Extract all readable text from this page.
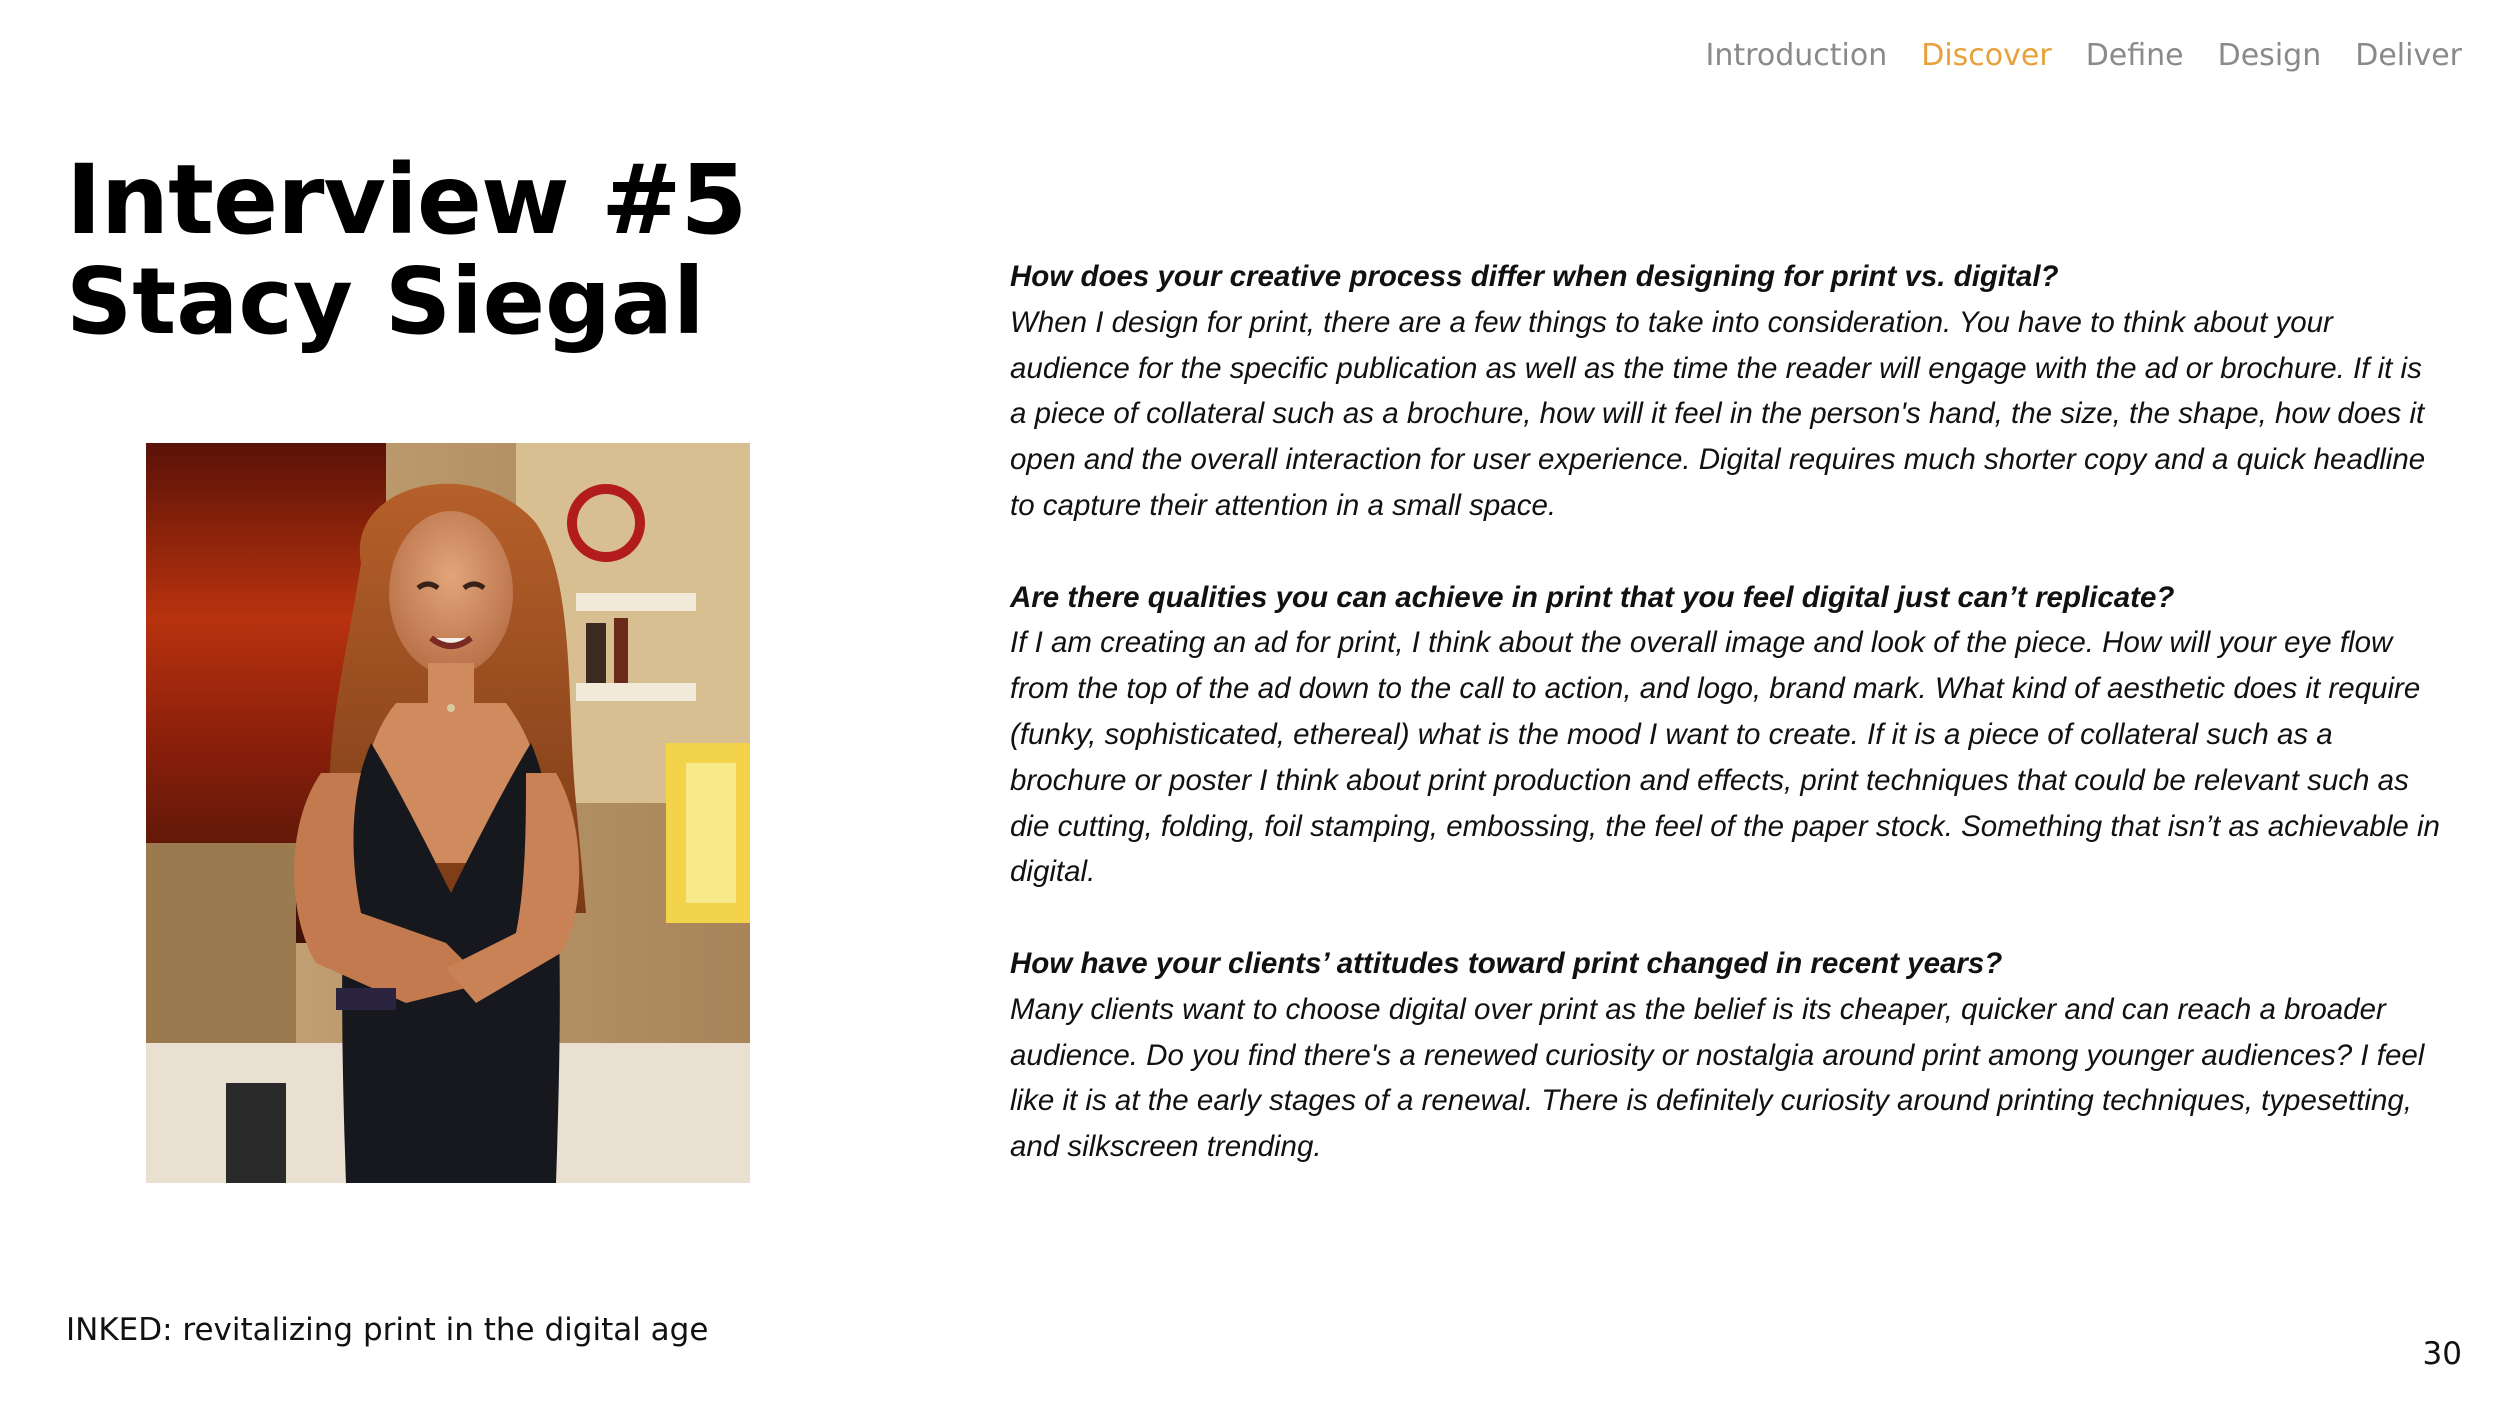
Introduction Discover Define Design Deliver
Interview #5
Stacy Siegal	How does your creative process differ when designing for print vs. digital?
When I design for print, there are a few things to take into consideration. You have to think about your audience for the specific publication as well as the time the reader will engage with the ad or brochure. If it is a piece of collateral such as a brochure, how will it feel in the person's hand, the size, the shape, how does it open and the overall interaction for user experience. Digital requires much shorter copy and a quick headline to capture their attention in a small space.
Are there qualities you can achieve in print that you feel digital just can’t replicate?
If I am creating an ad for print, I think about the overall image and look of the piece. How will your eye flow from the top of the ad down to the call to action, and logo, brand mark. What kind of aesthetic does it require (funky, sophisticated, ethereal) what is the mood I want to create. If it is a piece of collateral such as a brochure or poster I think about print production and effects, print techniques that could be relevant such as die cutting, folding, foil stamping, embossing, the feel of the paper stock. Something that isn’t as achievable in digital.
How have your clients’ attitudes toward print changed in recent years?
Many clients want to choose digital over print as the belief is its cheaper, quicker and can reach a broader audience. Do you find there's a renewed curiosity or nostalgia around print among younger audiences? I feel like it is at the early stages of a renewal. There is definitely curiosity around printing techniques, typesetting, and silkscreen trending.
INKED: revitalizing print in the digital age
30
